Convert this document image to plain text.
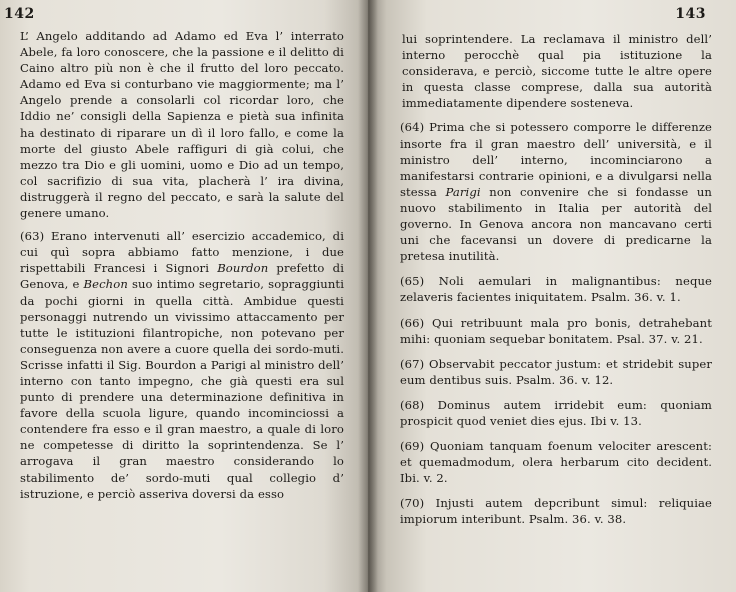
142

L’ Angelo additando ad Adamo ed Eva l’ interrato Abele, fa loro conoscere, che la passione e il delitto di Caino altro più non è che il frutto del loro peccato. Adamo ed Eva si conturbano vie maggiormente; ma l’ Angelo prende a consolarli col ricordar loro, che Iddio ne’ consigli della Sapienza e pietà sua infinita ha destinato di riparare un dì il loro fallo, e come la morte del giusto Abele raffiguri di già colui, che mezzo tra Dio e gli uomini, uomo e Dio ad un tempo, col sacrifizio di sua vita, placherà l’ ira divina, distruggerà il regno del peccato, e sarà la salute del genere umano.

(63) Erano intervenuti all’ esercizio accademico, di cui quì sopra abbiamo fatto menzione, i due rispettabili Francesi i Signori Bourdon prefetto di Genova, e Bechon suo intimo segretario, sopraggiunti da pochi giorni in quella città. Ambidue questi personaggi nutrendo un vivissimo attaccamento per tutte le istituzioni filantropiche, non potevano per conseguenza non avere a cuore quella dei sordo-muti. Scrisse infatti il Sig. Bourdon a Parigi al ministro dell’ interno con tanto impegno, che già questi era sul punto di prendere una determinazione definitiva in favore della scuola ligure, quando incominciossi a contendere fra esso e il gran maestro, a quale di loro ne competesse di diritto la soprintendenza. Se l’ arrogava il gran maestro considerando lo stabilimento de’ sordo-muti qual collegio d’ istruzione, e perciò asseriva doversi da esso

143

lui soprintendere. La reclamava il ministro dell’ interno perocchè qual pia istituzione la considerava, e perciò, siccome tutte le altre opere in questa classe comprese, dalla sua autorità immediatamente dipendere sosteneva.

(64) Prima che si potessero comporre le differenze insorte fra il gran maestro dell’ università, e il ministro dell’ interno, incominciarono a manifestarsi contrarie opinioni, e a divulgarsi nella stessa Parigi non convenire che si fondasse un nuovo stabilimento in Italia per autorità del governo. In Genova ancora non mancavano certi uni che facevansi un dovere di predicarne la pretesa inutilità.

(65) Noli aemulari in malignantibus: neque zelaveris facientes iniquitatem. Psalm. 36. v. 1.

(66) Qui retribuunt mala pro bonis, detrahebant mihi: quoniam sequebar bonitatem. Psal. 37. v. 21.

(67) Observabit peccator justum: et stridebit super eum dentibus suis. Psalm. 36. v. 12.

(68) Dominus autem irridebit eum: quoniam prospicit quod veniet dies ejus. Ibi v. 13.

(69) Quoniam tanquam foenum velociter arescent: et quemadmodum, olera herbarum cito decident. Ibi. v. 2.

(70) Injusti autem depcribunt simul: reliquiae impiorum interibunt. Psalm. 36. v. 38.
